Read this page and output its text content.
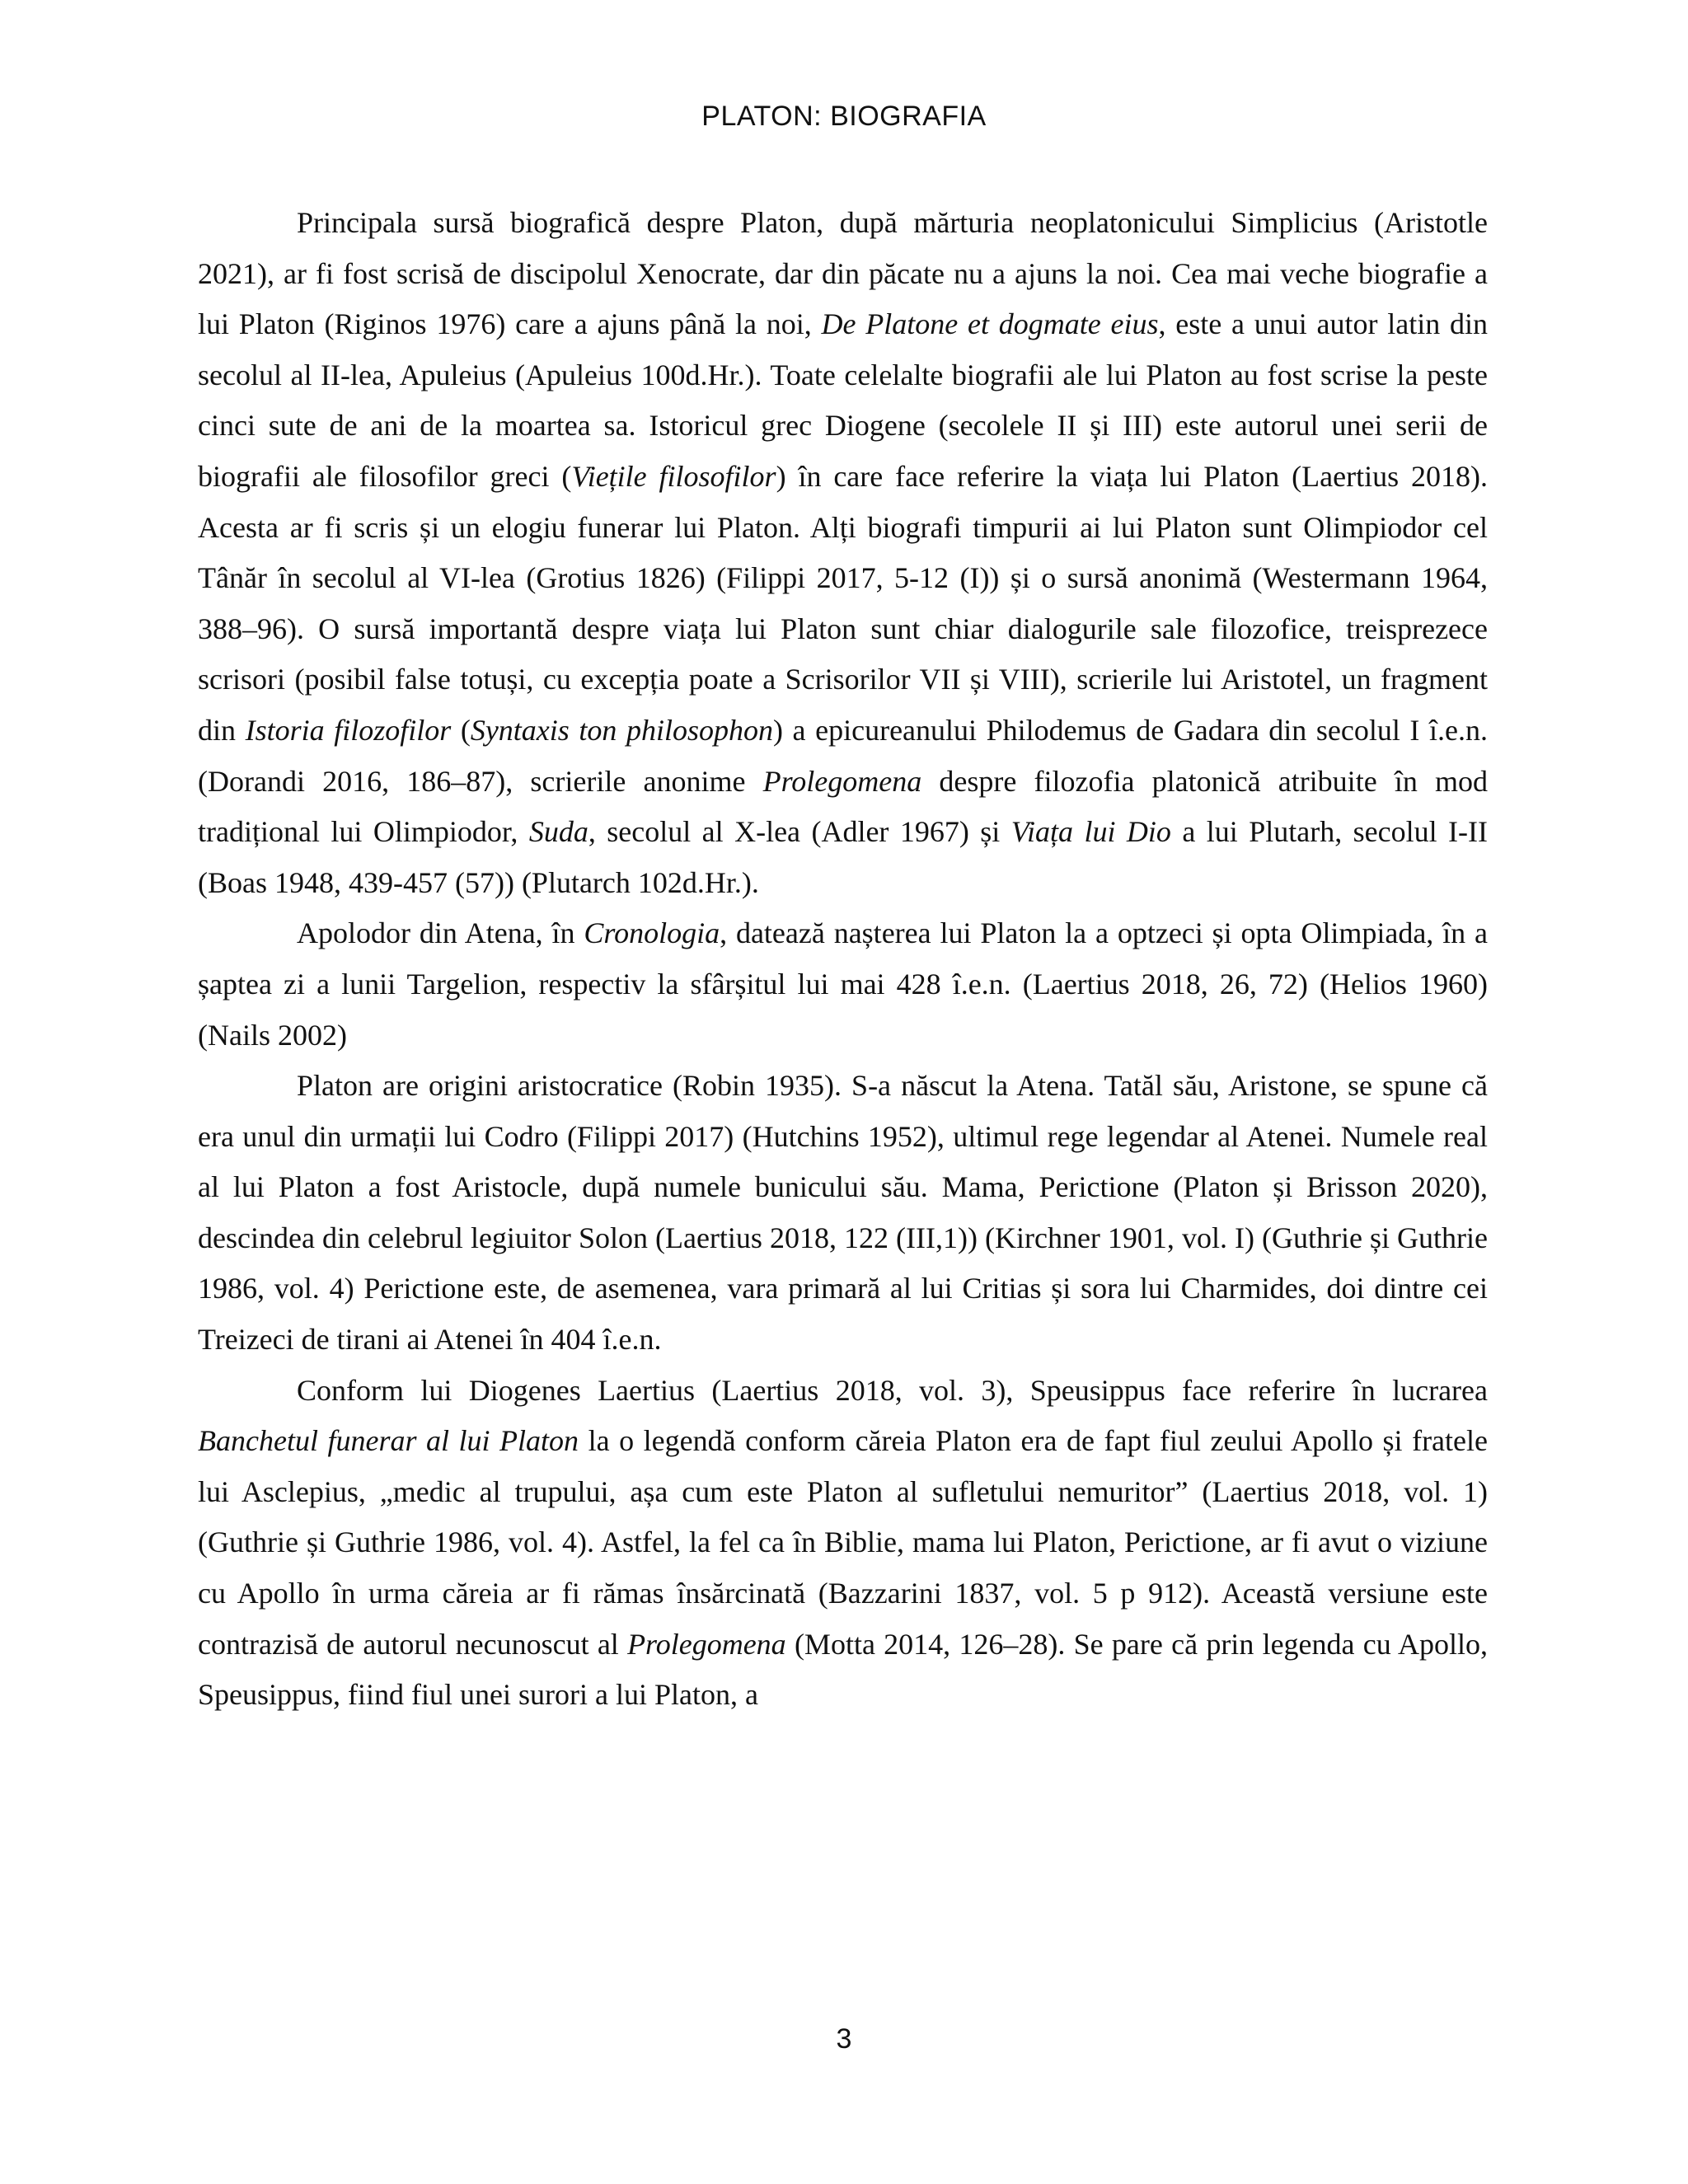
PLATON: BIOGRAFIA

Principala sursă biografică despre Platon, după mărturia neoplatonicului Simplicius (Aristotle 2021), ar fi fost scrisă de discipolul Xenocrate, dar din păcate nu a ajuns la noi. Cea mai veche biografie a lui Platon (Riginos 1976) care a ajuns până la noi, De Platone et dogmate eius, este a unui autor latin din secolul al II-lea, Apuleius (Apuleius 100d.Hr.). Toate celelalte biografii ale lui Platon au fost scrise la peste cinci sute de ani de la moartea sa. Istoricul grec Diogene (secolele II și III) este autorul unei serii de biografii ale filosofilor greci (Viețile filosofilor) în care face referire la viața lui Platon (Laertius 2018). Acesta ar fi scris și un elogiu funerar lui Platon. Alți biografi timpurii ai lui Platon sunt Olimpiodor cel Tânăr în secolul al VI-lea (Grotius 1826) (Filippi 2017, 5-12 (I)) și o sursă anonimă (Westermann 1964, 388–96). O sursă importantă despre viața lui Platon sunt chiar dialogurile sale filozofice, treisprezece scrisori (posibil false totuși, cu excepția poate a Scrisorilor VII și VIII), scrierile lui Aristotel, un fragment din Istoria filozofilor (Syntaxis ton philosophon) a epicureanului Philodemus de Gadara din secolul I î.e.n. (Dorandi 2016, 186–87), scrierile anonime Prolegomena despre filozofia platonică atribuite în mod tradițional lui Olimpiodor, Suda, secolul al X-lea (Adler 1967) și Viața lui Dio a lui Plutarh, secolul I-II (Boas 1948, 439-457 (57)) (Plutarch 102d.Hr.).

Apolodor din Atena, în Cronologia, datează nașterea lui Platon la a optzeci și opta Olimpiada, în a șaptea zi a lunii Targelion, respectiv la sfârșitul lui mai 428 î.e.n. (Laertius 2018, 26, 72) (Helios 1960) (Nails 2002)

Platon are origini aristocratice (Robin 1935). S-a născut la Atena. Tatăl său, Aristone, se spune că era unul din urmații lui Codro (Filippi 2017) (Hutchins 1952), ultimul rege legendar al Atenei. Numele real al lui Platon a fost Aristocle, după numele bunicului său. Mama, Perictione (Platon și Brisson 2020), descindea din celebrul legiuitor Solon (Laertius 2018, 122 (III,1)) (Kirchner 1901, vol. I) (Guthrie și Guthrie 1986, vol. 4) Perictione este, de asemenea, vara primară al lui Critias și sora lui Charmides, doi dintre cei Treizeci de tirani ai Atenei în 404 î.e.n.

Conform lui Diogenes Laertius (Laertius 2018, vol. 3), Speusippus face referire în lucrarea Banchetul funerar al lui Platon la o legendă conform căreia Platon era de fapt fiul zeului Apollo și fratele lui Asclepius, „medic al trupului, așa cum este Platon al sufletului nemuritor” (Laertius 2018, vol. 1) (Guthrie și Guthrie 1986, vol. 4). Astfel, la fel ca în Biblie, mama lui Platon, Perictione, ar fi avut o viziune cu Apollo în urma căreia ar fi rămas însărcinată (Bazzarini 1837, vol. 5 p 912). Această versiune este contrazisă de autorul necunoscut al Prolegomena (Motta 2014, 126–28). Se pare că prin legenda cu Apollo, Speusippus, fiind fiul unei surori a lui Platon, a

3
